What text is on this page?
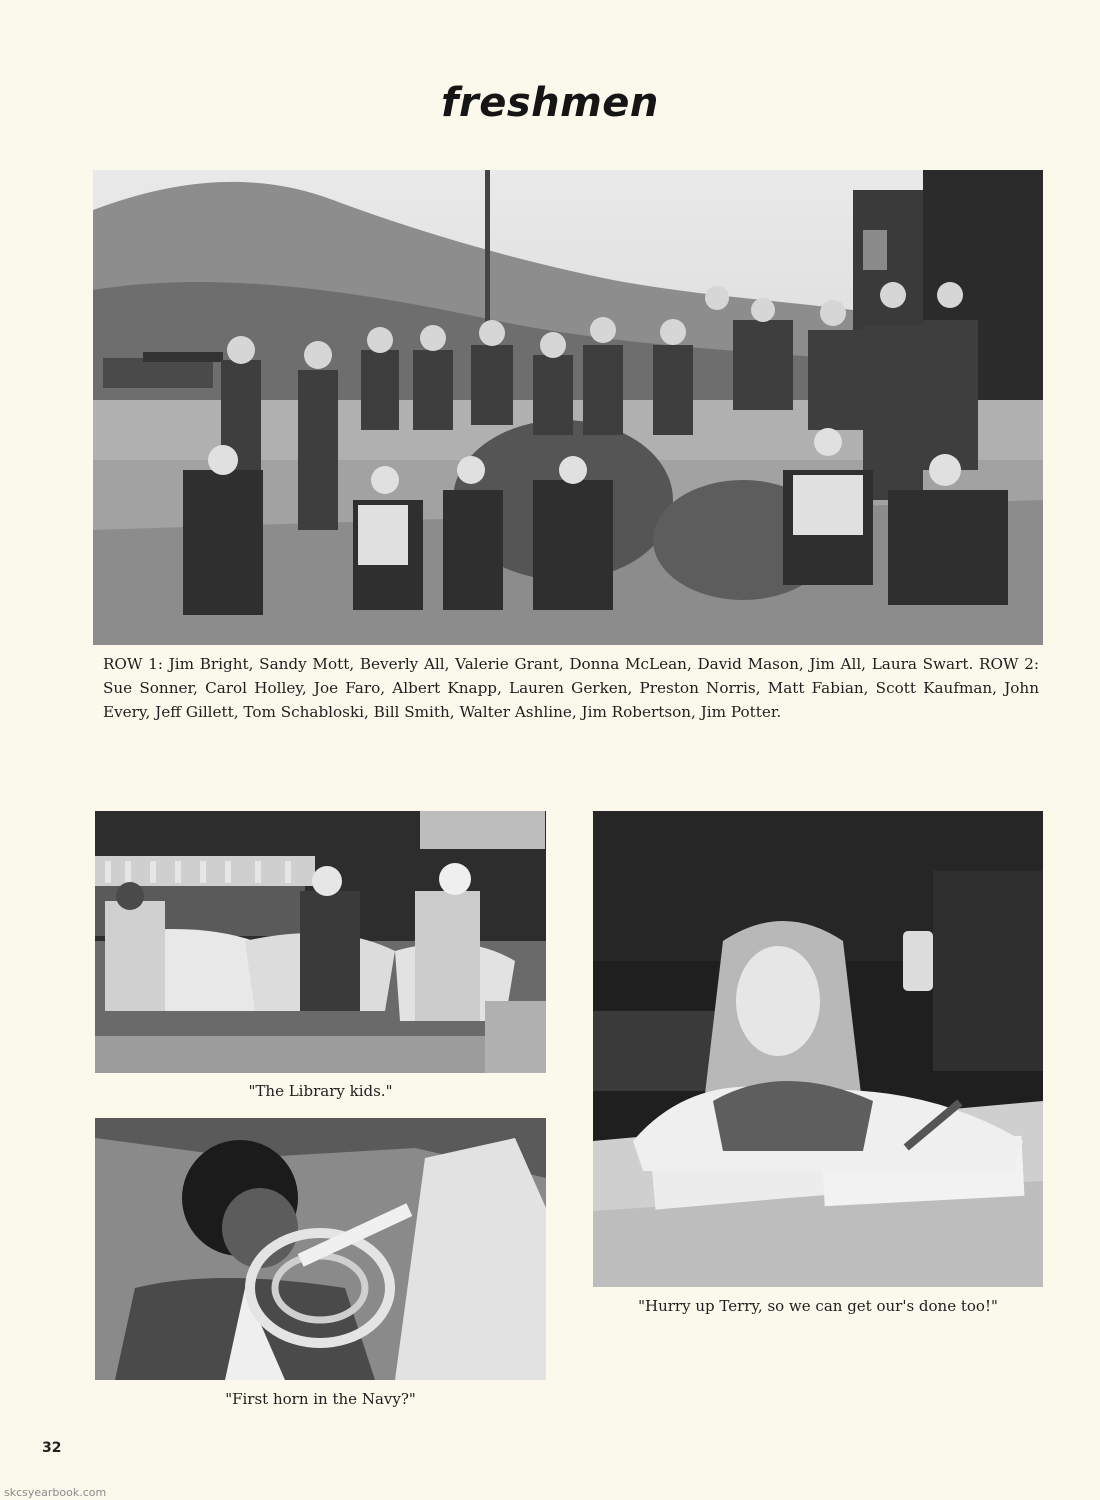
freshmen
ROW 1: Jim Bright, Sandy Mott, Beverly All, Valerie Grant, Donna McLean, David Mason, Jim All, Laura Swart. ROW 2: Sue Sonner, Carol Holley, Joe Faro, Albert Knapp, Lauren Gerken, Preston Norris, Matt Fabian, Scott Kaufman, John Every, Jeff Gillett, Tom Schabloski, Bill Smith, Walter Ashline, Jim Robertson, Jim Potter.
"The Library kids."
"First horn in the Navy?"
"Hurry up Terry, so we can get our's done too!"
32
skcsyearbook.com
